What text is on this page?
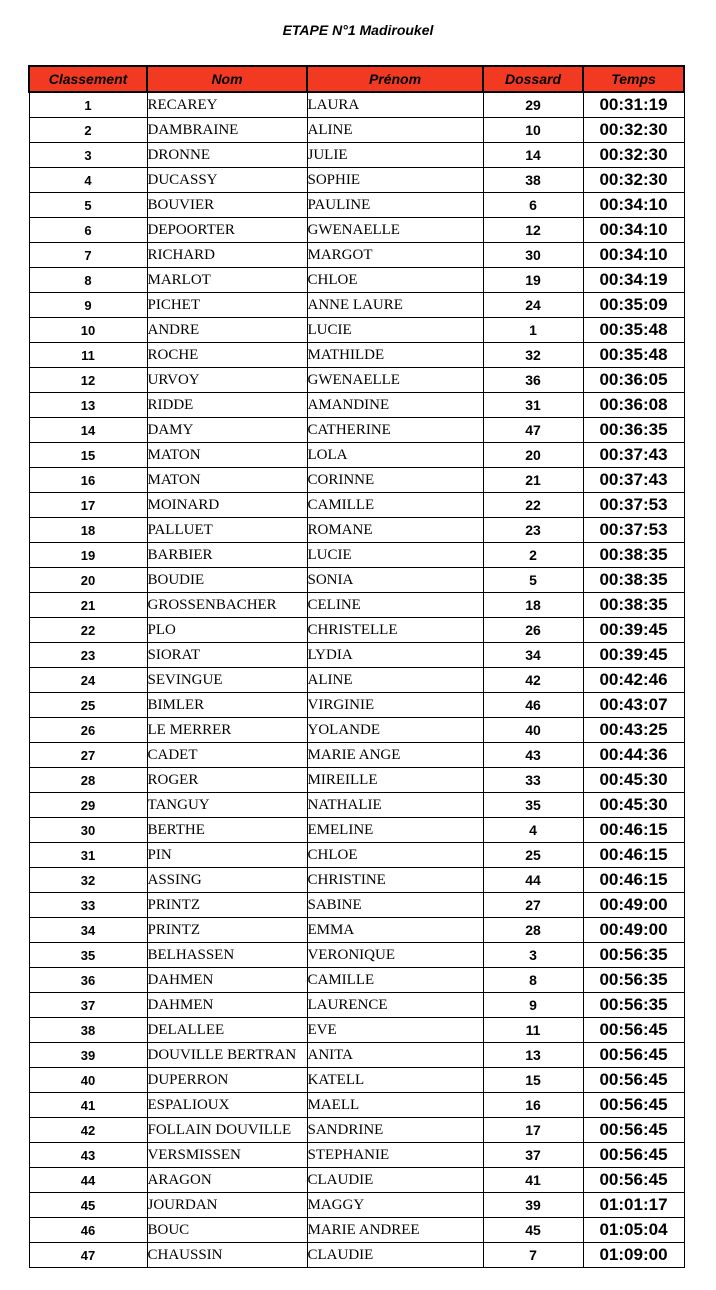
ETAPE N°1 Madiroukel
Classement	Nom	Prénom	Dossard	Temps
1	RECAREY	LAURA	29	00:31:19
2	DAMBRAINE	ALINE	10	00:32:30
3	DRONNE	JULIE	14	00:32:30
4	DUCASSY	SOPHIE	38	00:32:30
5	BOUVIER	PAULINE	6	00:34:10
6	DEPOORTER	GWENAELLE	12	00:34:10
7	RICHARD	MARGOT	30	00:34:10
8	MARLOT	CHLOE	19	00:34:19
9	PICHET	ANNE LAURE	24	00:35:09
10	ANDRE	LUCIE	1	00:35:48
11	ROCHE	MATHILDE	32	00:35:48
12	URVOY	GWENAELLE	36	00:36:05
13	RIDDE	AMANDINE	31	00:36:08
14	DAMY	CATHERINE	47	00:36:35
15	MATON	LOLA	20	00:37:43
16	MATON	CORINNE	21	00:37:43
17	MOINARD	CAMILLE	22	00:37:53
18	PALLUET	ROMANE	23	00:37:53
19	BARBIER	LUCIE	2	00:38:35
20	BOUDIE	SONIA	5	00:38:35
21	GROSSENBACHER	CELINE	18	00:38:35
22	PLO	CHRISTELLE	26	00:39:45
23	SIORAT	LYDIA	34	00:39:45
24	SEVINGUE	ALINE	42	00:42:46
25	BIMLER	VIRGINIE	46	00:43:07
26	LE MERRER	YOLANDE	40	00:43:25
27	CADET	MARIE ANGE	43	00:44:36
28	ROGER	MIREILLE	33	00:45:30
29	TANGUY	NATHALIE	35	00:45:30
30	BERTHE	EMELINE	4	00:46:15
31	PIN	CHLOE	25	00:46:15
32	ASSING	CHRISTINE	44	00:46:15
33	PRINTZ	SABINE	27	00:49:00
34	PRINTZ	EMMA	28	00:49:00
35	BELHASSEN	VERONIQUE	3	00:56:35
36	DAHMEN	CAMILLE	8	00:56:35
37	DAHMEN	LAURENCE	9	00:56:35
38	DELALLEE	EVE	11	00:56:45
39	DOUVILLE BERTRAN	ANITA	13	00:56:45
40	DUPERRON	KATELL	15	00:56:45
41	ESPALIOUX	MAELL	16	00:56:45
42	FOLLAIN DOUVILLE	SANDRINE	17	00:56:45
43	VERSMISSEN	STEPHANIE	37	00:56:45
44	ARAGON	CLAUDIE	41	00:56:45
45	JOURDAN	MAGGY	39	01:01:17
46	BOUC	MARIE ANDREE	45	01:05:04
47	CHAUSSIN	CLAUDIE	7	01:09:00
